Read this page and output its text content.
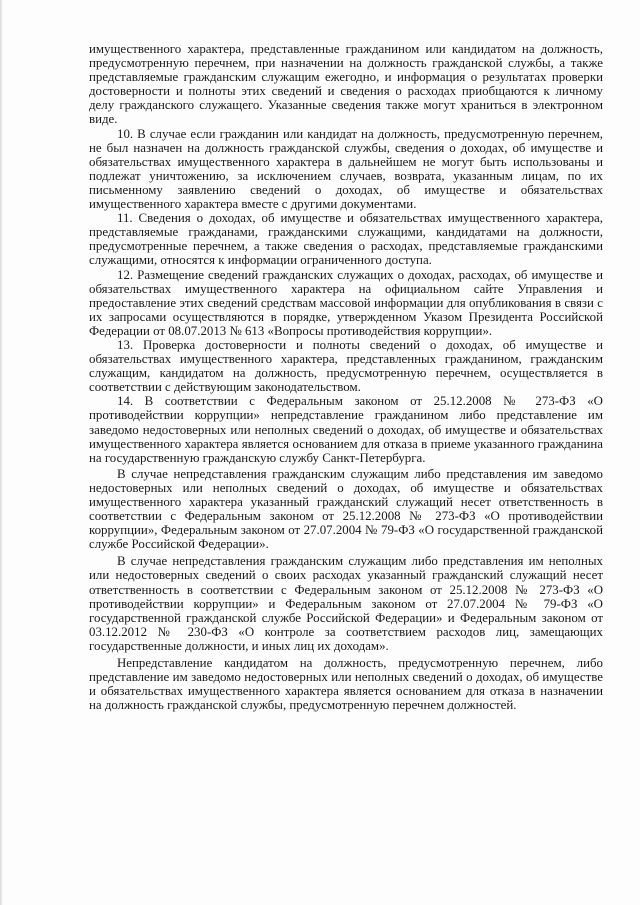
имущественного характера, представленные гражданином или кандидатом на должность, предусмотренную перечнем, при назначении на должность гражданской службы, а также представляемые гражданским служащим ежегодно, и информация о результатах проверки достоверности и полноты этих сведений и сведения о расходах приобщаются к личному делу гражданского служащего. Указанные сведения также могут храниться в электронном виде.

10. В случае если гражданин или кандидат на должность, предусмотренную перечнем, не был назначен на должность гражданской службы, сведения о доходах, об имуществе и обязательствах имущественного характера в дальнейшем не могут быть использованы и подлежат уничтожению, за исключением случаев, возврата, указанным лицам, по их письменному заявлению сведений о доходах, об имуществе и обязательствах имущественного характера вместе с другими документами.

11. Сведения о доходах, об имуществе и обязательствах имущественного характера, представляемые гражданами, гражданскими служащими, кандидатами на должности, предусмотренные перечнем, а также сведения о расходах, представляемые гражданскими служащими, относятся к информации ограниченного доступа.

12. Размещение сведений гражданских служащих о доходах, расходах, об имуществе и обязательствах имущественного характера на официальном сайте Управления и предоставление этих сведений средствам массовой информации для опубликования в связи с их запросами осуществляются в порядке, утвержденном Указом Президента Российской Федерации от 08.07.2013 № 613 «Вопросы противодействия коррупции».

13. Проверка достоверности и полноты сведений о доходах, об имуществе и обязательствах имущественного характера, представленных гражданином, гражданским служащим, кандидатом на должность, предусмотренную перечнем, осуществляется в соответствии с действующим законодательством.

14. В соответствии с Федеральным законом от 25.12.2008 № 273-ФЗ «О противодействии коррупции» непредставление гражданином либо представление им заведомо недостоверных или неполных сведений о доходах, об имуществе и обязательствах имущественного характера является основанием для отказа в приеме указанного гражданина на государственную гражданскую службу Санкт-Петербурга.

В случае непредставления гражданским служащим либо представления им заведомо недостоверных или неполных сведений о доходах, об имуществе и обязательствах имущественного характера указанный гражданский служащий несет ответственность в соответствии с Федеральным законом от 25.12.2008 № 273-ФЗ «О противодействии коррупции», Федеральным законом от 27.07.2004 № 79-ФЗ «О государственной гражданской службе Российской Федерации».

В случае непредставления гражданским служащим либо представления им неполных или недостоверных сведений о своих расходах указанный гражданский служащий несет ответственность в соответствии с Федеральным законом от 25.12.2008 № 273-ФЗ «О противодействии коррупции» и Федеральным законом от 27.07.2004 № 79-ФЗ «О государственной гражданской службе Российской Федерации» и Федеральным законом от 03.12.2012 № 230-ФЗ «О контроле за соответствием расходов лиц, замещающих государственные должности, и иных лиц их доходам».

Непредставление кандидатом на должность, предусмотренную перечнем, либо представление им заведомо недостоверных или неполных сведений о доходах, об имуществе и обязательствах имущественного характера является основанием для отказа в назначении на должность гражданской службы, предусмотренную перечнем должностей.
